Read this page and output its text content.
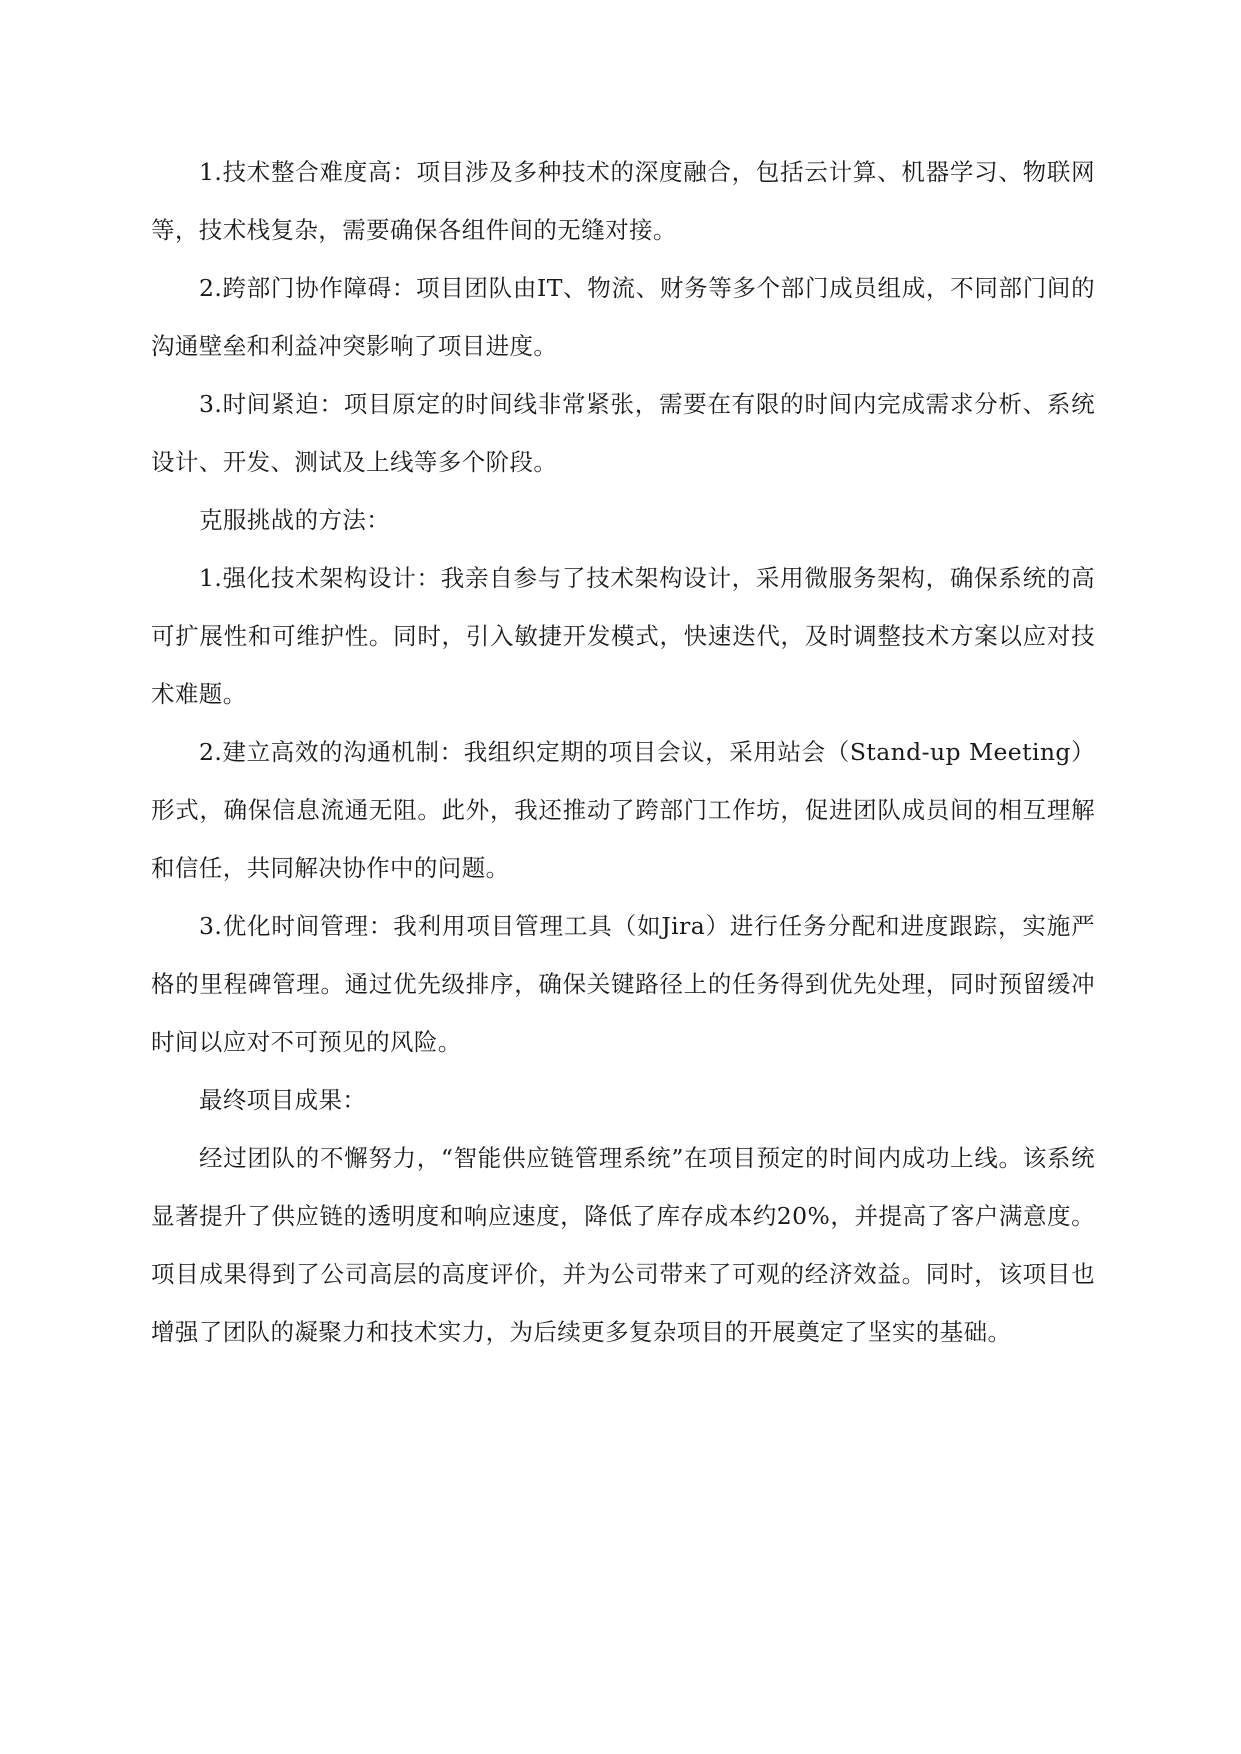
1.技术整合难度高：项目涉及多种技术的深度融合，包括云计算、机器学习、物联网等，技术栈复杂，需要确保各组件间的无缝对接。

2.跨部门协作障碍：项目团队由IT、物流、财务等多个部门成员组成，不同部门间的沟通壁垒和利益冲突影响了项目进度。

3.时间紧迫：项目原定的时间线非常紧张，需要在有限的时间内完成需求分析、系统设计、开发、测试及上线等多个阶段。

克服挑战的方法：

1.强化技术架构设计：我亲自参与了技术架构设计，采用微服务架构，确保系统的高可扩展性和可维护性。同时，引入敏捷开发模式，快速迭代，及时调整技术方案以应对技术难题。

2.建立高效的沟通机制：我组织定期的项目会议，采用站会（Stand-up Meeting）形式，确保信息流通无阻。此外，我还推动了跨部门工作坊，促进团队成员间的相互理解和信任，共同解决协作中的问题。

3.优化时间管理：我利用项目管理工具（如Jira）进行任务分配和进度跟踪，实施严格的里程碑管理。通过优先级排序，确保关键路径上的任务得到优先处理，同时预留缓冲时间以应对不可预见的风险。

最终项目成果：

经过团队的不懈努力，“智能供应链管理系统”在项目预定的时间内成功上线。该系统显著提升了供应链的透明度和响应速度，降低了库存成本约20%，并提高了客户满意度。项目成果得到了公司高层的高度评价，并为公司带来了可观的经济效益。同时，该项目也增强了团队的凝聚力和技术实力，为后续更多复杂项目的开展奠定了坚实的基础。
